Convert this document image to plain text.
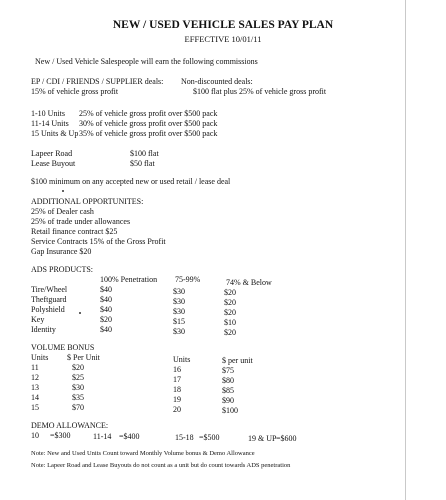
NEW / USED VEHICLE SALES PAY PLAN
EFFECTIVE 10/01/11
New / Used Vehicle Salespeople will earn the following commissions
EP / CDI / FRIENDS / SUPPLIER deals:
15% of vehicle gross profit
Non-discounted deals:
$100 flat plus 25% of vehicle gross profit
1-10 Units 25% of vehicle gross profit over $500 pack
11-14 Units 30% of vehicle gross profit over $500 pack
15 Units & Up 35% of vehicle gross profit over $500 pack
Lapeer Road	$100 flat
Lease Buyout	$50 flat
$100 minimum on any accepted new or used retail / lease deal
ADDITIONAL OPPORTUNITES:
25% of Dealer cash
25% of trade under allowances
Retail finance contract $25
Service Contracts 15% of the Gross Profit
Gap Insurance $20
ADS PRODUCTS:
100% Penetration 75-99%	74% & Below
Tire/Wheel	$40	$30	$20
Theftguard	$40	$30	$20
Polyshield	$40	$30	$20
Key	$20	$15	$10
Identity	$40	$30	$20
VOLUME BONUS
Units $ Per Unit	Units	$ per unit
11	$20
12	$25
13	$30
14	$35
15	$70
16	$75
17	$80
18	$85
19	$90
20	$100
DEMO ALLOWANCE:
10 =$300	11-14 =$400	15-18 =$500	19 & UP =$600
Note: New and Used Units Count toward Monthly Volume bonus & Demo Allowance
Note: Lapeer Road and Lease Buyouts do not count as a unit but do count towards ADS penetration
